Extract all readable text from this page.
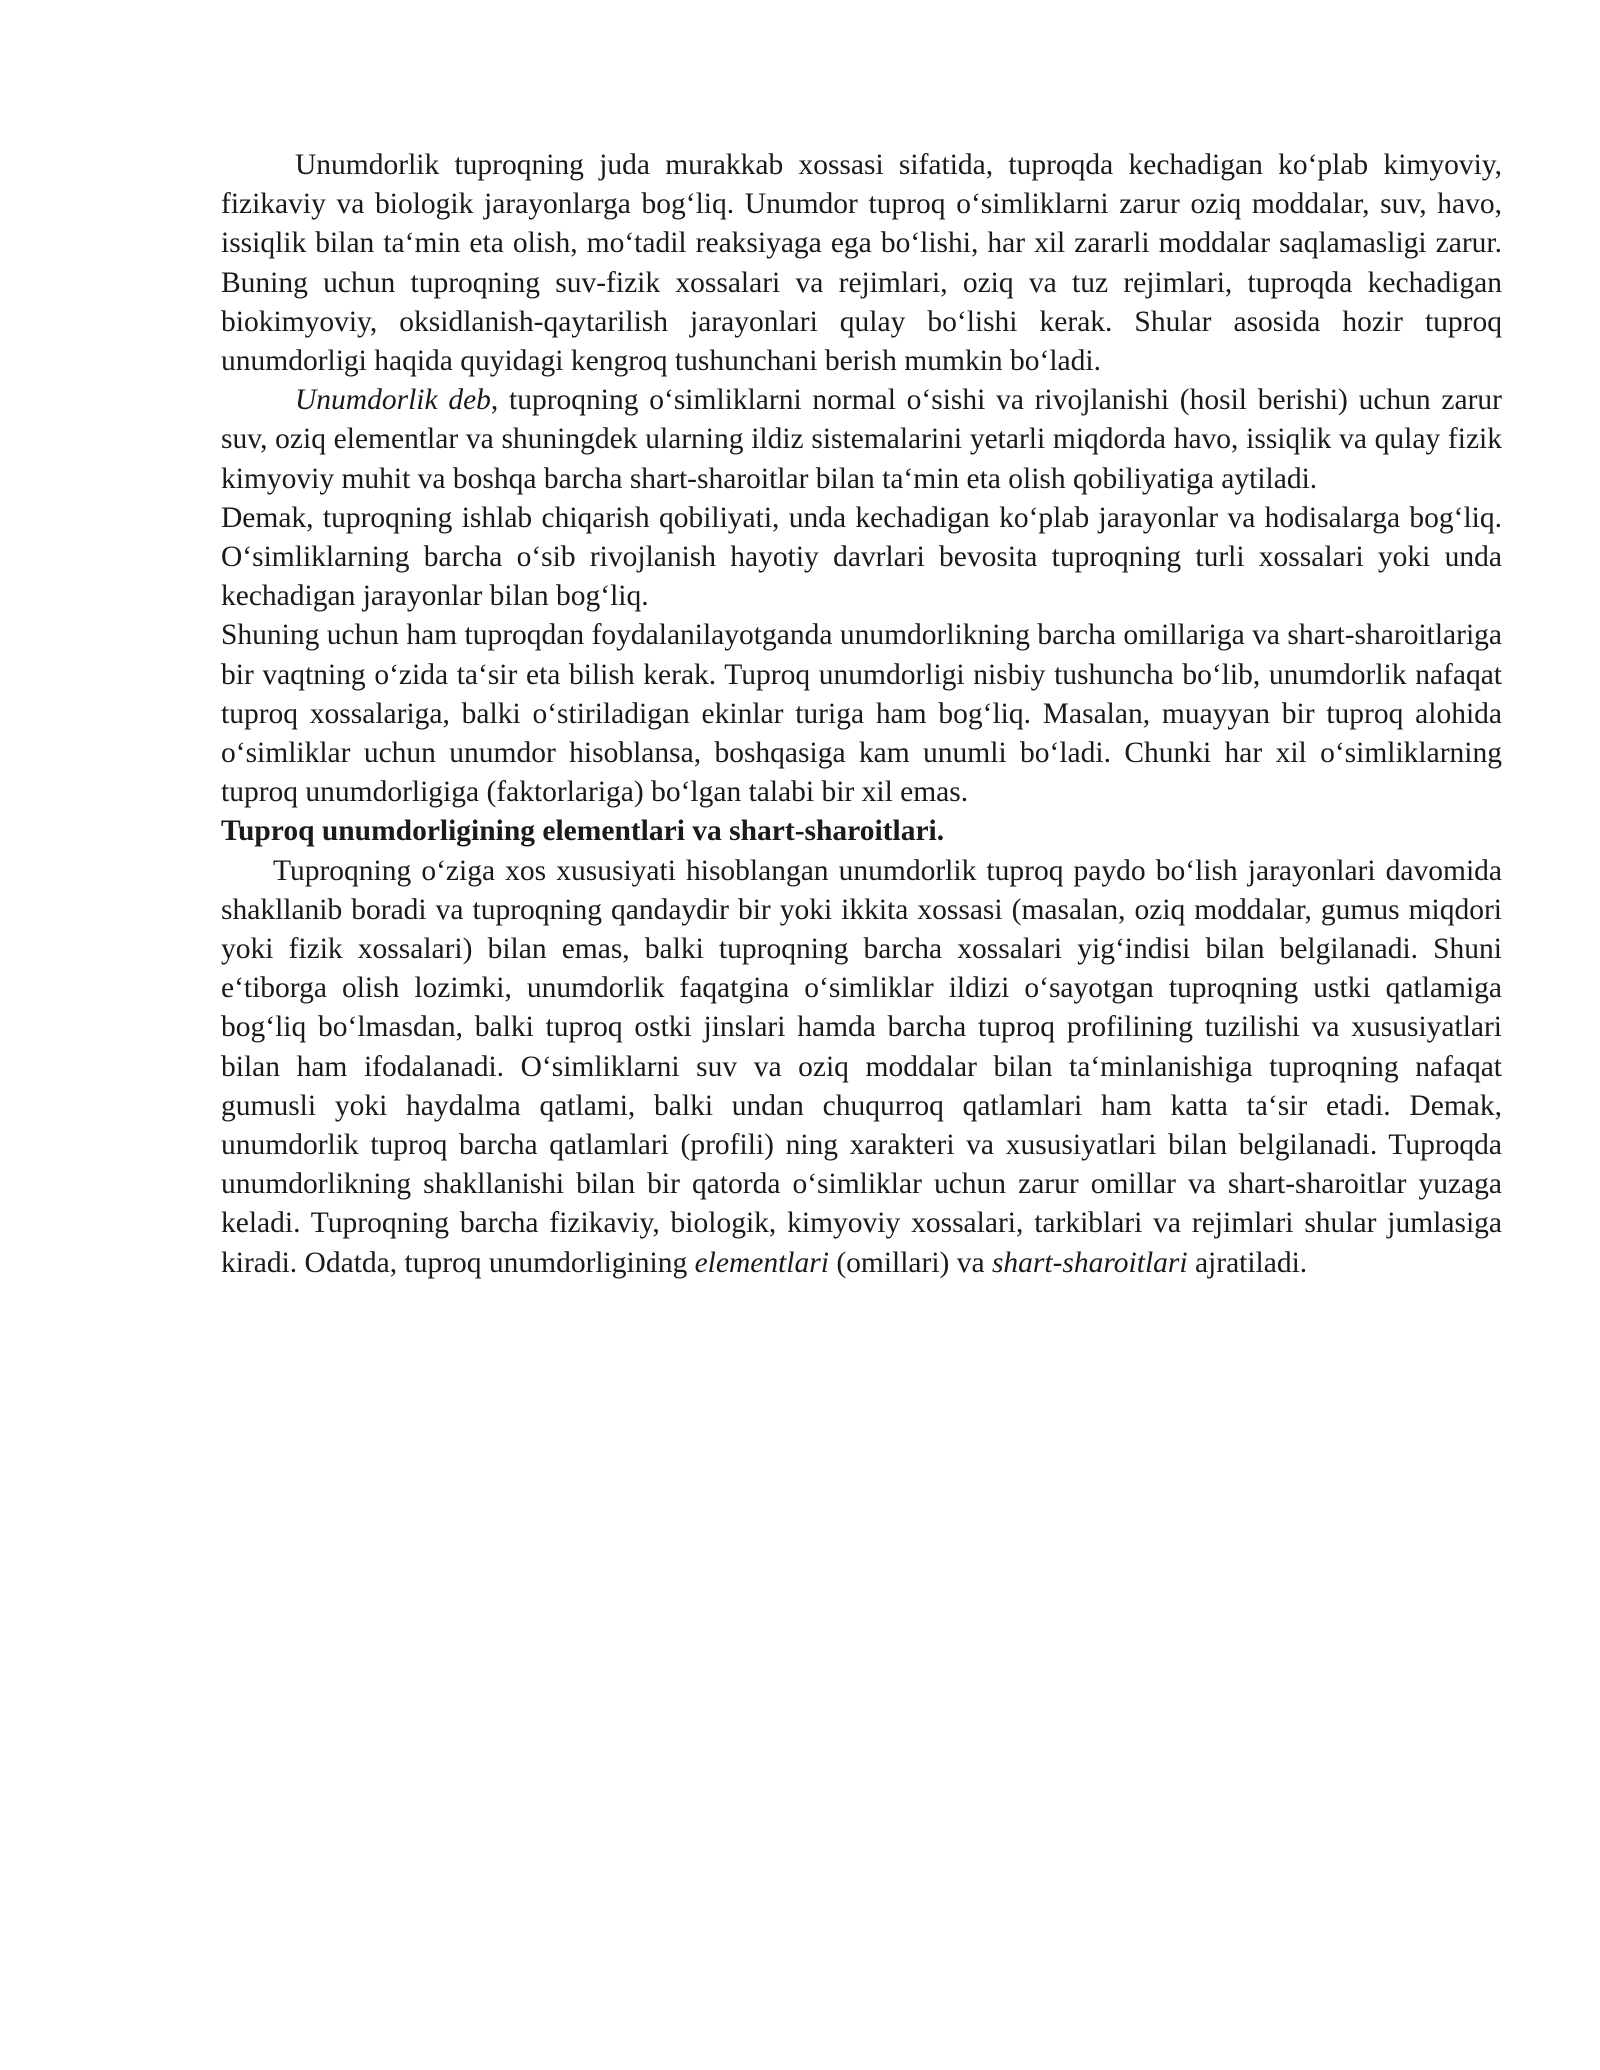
Unumdorlik tuproqning juda murakkab xossasi sifatida, tuproqda kechadigan ko‘plab kimyoviy, fizikaviy va biologik jarayonlarga bog‘liq. Unumdor tuproq o‘simliklarni zarur oziq moddalar, suv, havo, issiqlik bilan ta‘min eta olish, mo‘tadil reaksiyaga ega bo‘lishi, har xil zararli moddalar saqlamasligi zarur. Buning uchun tuproqning suv-fizik xossalari va rejimlari, oziq va tuz rejimlari, tuproqda kechadigan biokimyoviy, oksidlanish-qaytarilish jarayonlari qulay bo‘lishi kerak. Shular asosida hozir tuproq unumdorligi haqida quyidagi kengroq tushunchani berish mumkin bo‘ladi.

Unumdorlik deb, tuproqning o‘simliklarni normal o‘sishi va rivojlanishi (hosil berishi) uchun zarur suv, oziq elementlar va shuningdek ularning ildiz sistemalarini yetarli miqdorda havo, issiqlik va qulay fizik kimyoviy muhit va boshqa barcha shart-sharoitlar bilan ta‘min eta olish qobiliyatiga aytiladi.

Demak, tuproqning ishlab chiqarish qobiliyati, unda kechadigan ko‘plab jarayonlar va hodisalarga bog‘liq. O‘simliklarning barcha o‘sib rivojlanish hayotiy davrlari bevosita tuproqning turli xossalari yoki unda kechadigan jarayonlar bilan bog‘liq.

Shuning uchun ham tuproqdan foydalanilayotganda unumdorlikning barcha omillariga va shart-sharoitlariga bir vaqtning o‘zida ta‘sir eta bilish kerak. Tuproq unumdorligi nisbiy tushuncha bo‘lib, unumdorlik nafaqat tuproq xossalariga, balki o‘stiriladigan ekinlar turiga ham bog‘liq. Masalan, muayyan bir tuproq alohida o‘simliklar uchun unumdor hisoblansa, boshqasiga kam unumli bo‘ladi. Chunki har xil o‘simliklarning tuproq unumdorligiga (faktorlariga) bo‘lgan talabi bir xil emas.

Tuproq unumdorligining elementlari va shart-sharoitlari.

Tuproqning o‘ziga xos xususiyati hisoblangan unumdorlik tuproq paydo bo‘lish jarayonlari davomida shakllanib boradi va tuproqning qandaydir bir yoki ikkita xossasi (masalan, oziq moddalar, gumus miqdori yoki fizik xossalari) bilan emas, balki tuproqning barcha xossalari yig‘indisi bilan belgilanadi. Shuni e‘tiborga olish lozimki, unumdorlik faqatgina o‘simliklar ildizi o‘sayotgan tuproqning ustki qatlamiga bog‘liq bo‘lmasdan, balki tuproq ostki jinslari hamda barcha tuproq profilining tuzilishi va xususiyatlari bilan ham ifodalanadi. O‘simliklarni suv va oziq moddalar bilan ta‘minlanishiga tuproqning nafaqat gumusli yoki haydalma qatlami, balki undan chuqurroq qatlamlari ham katta ta‘sir etadi. Demak, unumdorlik tuproq barcha qatlamlari (profili) ning xarakteri va xususiyatlari bilan belgilanadi. Tuproqda unumdorlikning shakllanishi bilan bir qatorda o‘simliklar uchun zarur omillar va shart-sharoitlar yuzaga keladi. Tuproqning barcha fizikaviy, biologik, kimyoviy xossalari, tarkiblari va rejimlari shular jumlasiga kiradi. Odatda, tuproq unumdorligining elementlari (omillari) va shart-sharoitlari ajratiladi.
